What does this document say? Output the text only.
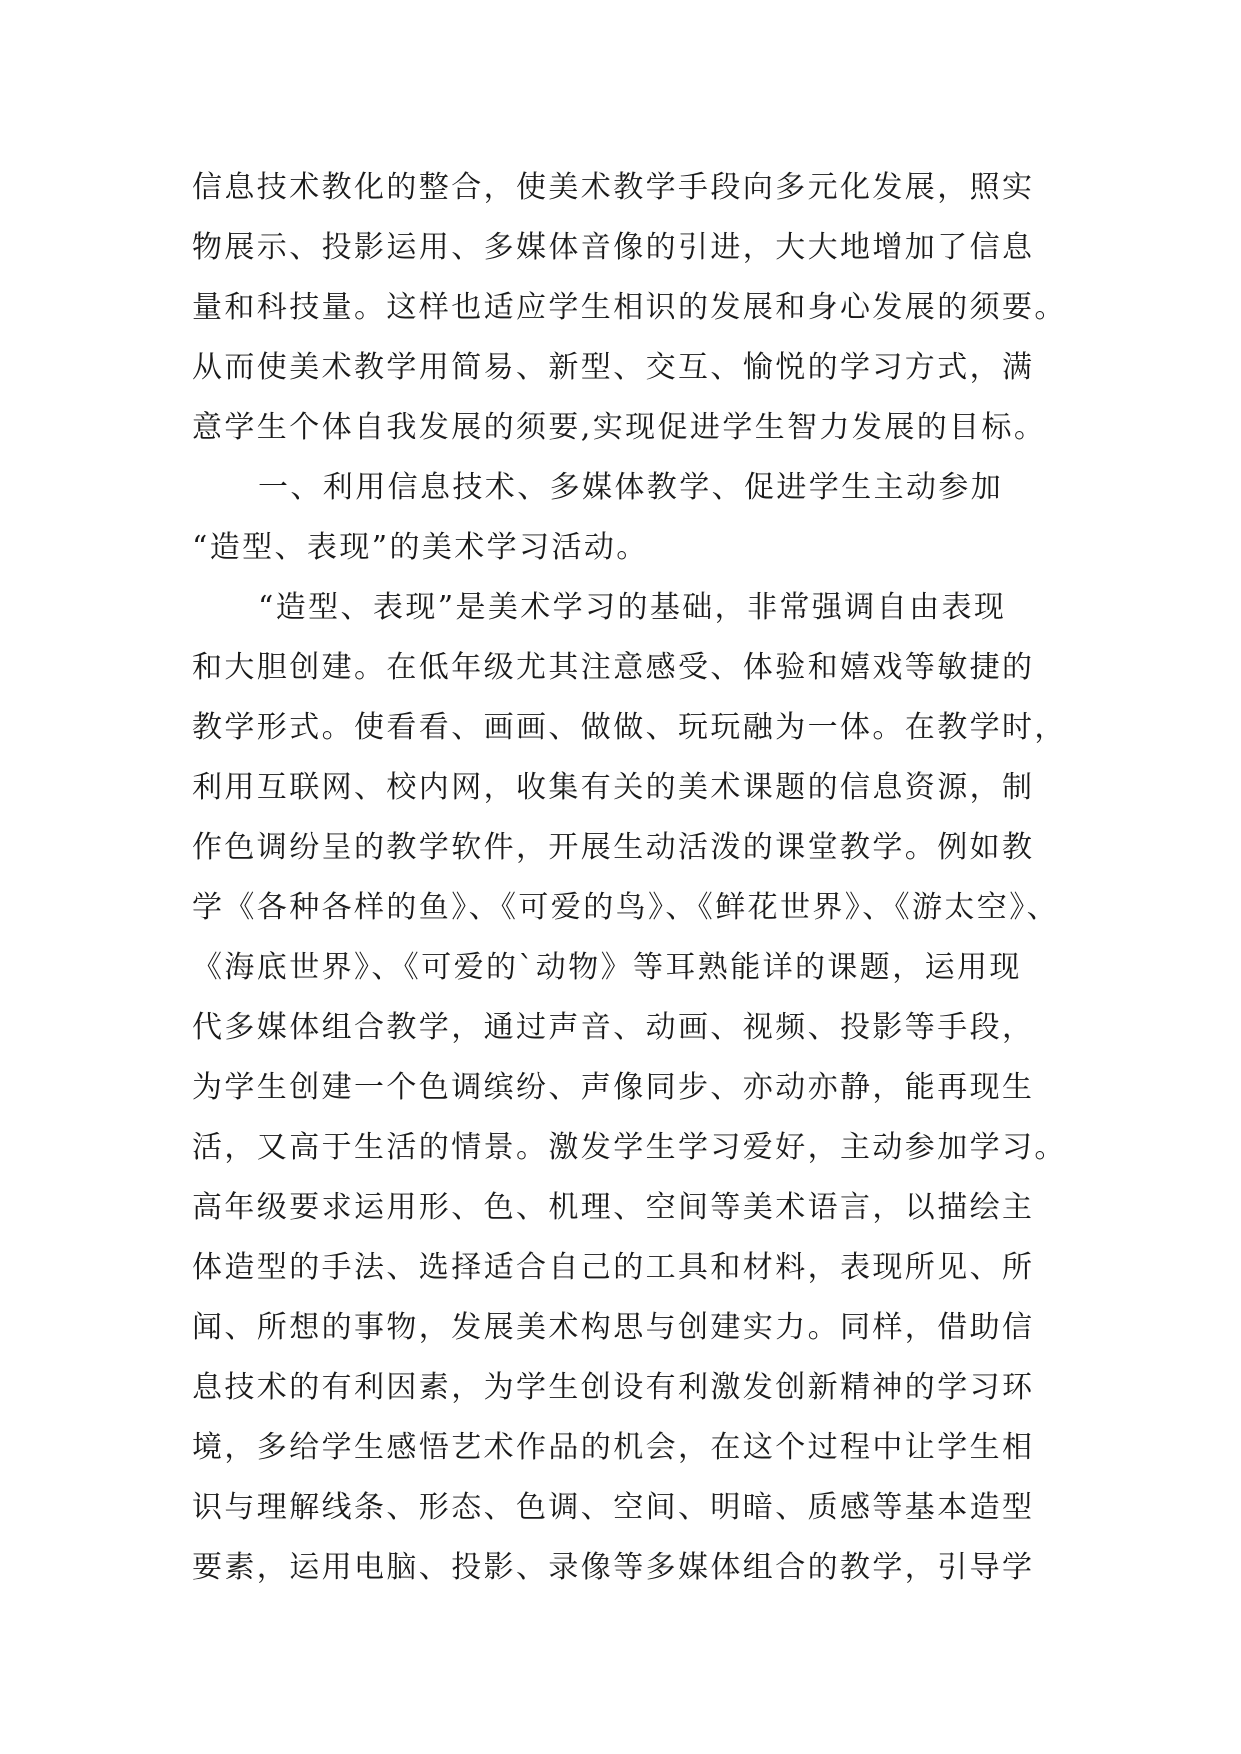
信息技术教化的整合，使美术教学手段向多元化发展，照实
物展示、投影运用、多媒体音像的引进，大大地增加了信息
量和科技量。这样也适应学生相识的发展和身心发展的须要。
从而使美术教学用简易、新型、交互、愉悦的学习方式，满
意学生个体自我发展的须要,实现促进学生智力发展的目标。
一、利用信息技术、多媒体教学、促进学生主动参加
“造型、表现”的美术学习活动。
“造型、表现”是美术学习的基础，非常强调自由表现
和大胆创建。在低年级尤其注意感受、体验和嬉戏等敏捷的
教学形式。使看看、画画、做做、玩玩融为一体。在教学时，
利用互联网、校内网，收集有关的美术课题的信息资源，制
作色调纷呈的教学软件，开展生动活泼的课堂教学。例如教
学《各种各样的鱼》、《可爱的鸟》、《鲜花世界》、《游太空》、
《海底世界》、《可爱的`动物》等耳熟能详的课题，运用现
代多媒体组合教学，通过声音、动画、视频、投影等手段，
为学生创建一个色调缤纷、声像同步、亦动亦静，能再现生
活，又高于生活的情景。激发学生学习爱好，主动参加学习。
高年级要求运用形、色、机理、空间等美术语言，以描绘主
体造型的手法、选择适合自己的工具和材料，表现所见、所
闻、所想的事物，发展美术构思与创建实力。同样，借助信
息技术的有利因素，为学生创设有利激发创新精神的学习环
境，多给学生感悟艺术作品的机会，在这个过程中让学生相
识与理解线条、形态、色调、空间、明暗、质感等基本造型
要素，运用电脑、投影、录像等多媒体组合的教学，引导学
